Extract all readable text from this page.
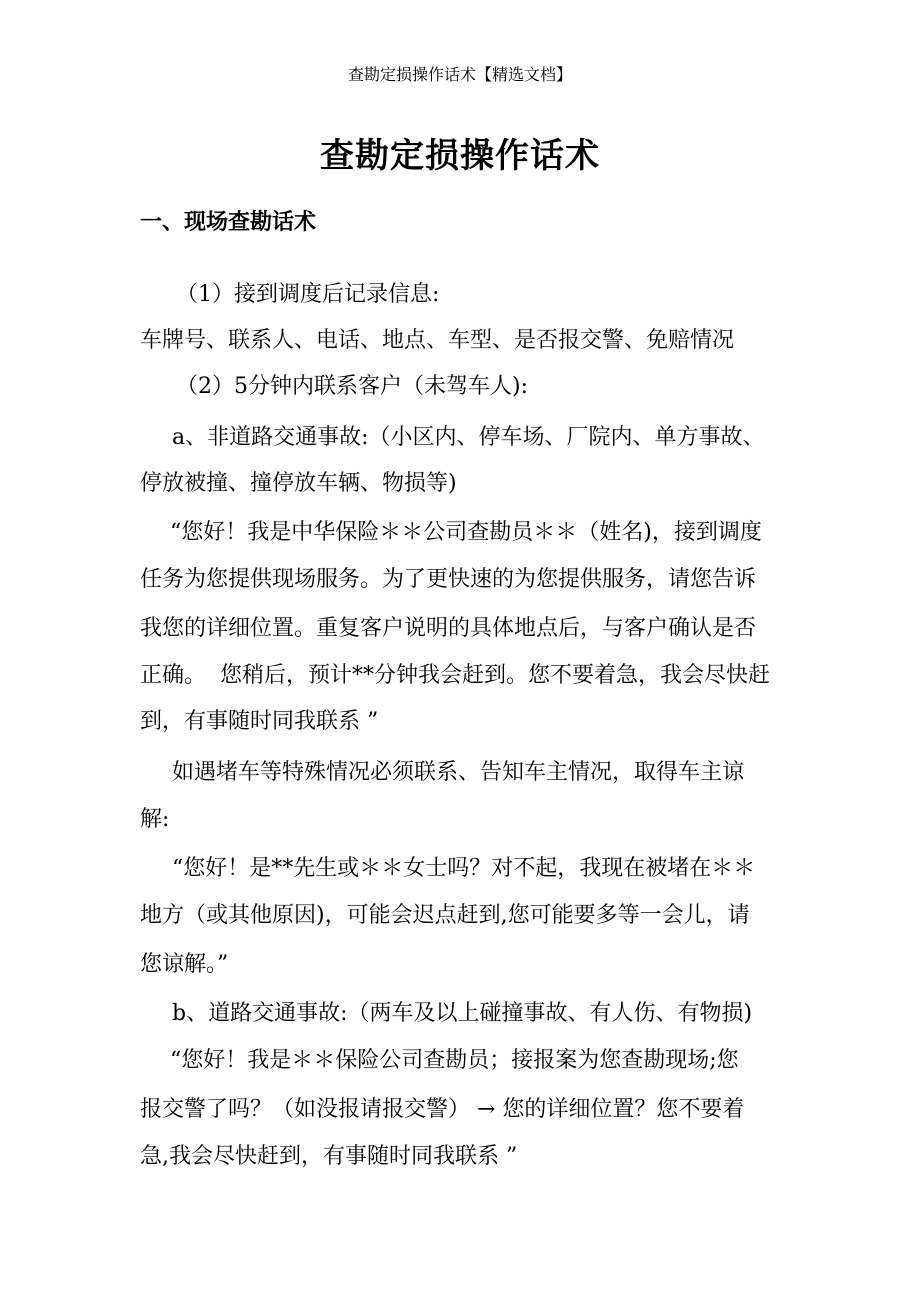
查勘定损操作话术【精选文档】
查勘定损操作话术
一、现场查勘话术
（1）接到调度后记录信息:
车牌号、联系人、电话、地点、车型、是否报交警、免赔情况
（2）5分钟内联系客户（未驾车人):
a、非道路交通事故:（小区内、停车场、厂院内、单方事故、
停放被撞、撞停放车辆、物损等)
“您好！我是中华保险＊＊公司查勘员＊＊（姓名)，接到调度
任务为您提供现场服务。为了更快速的为您提供服务，请您告诉
我您的详细位置。重复客户说明的具体地点后，与客户确认是否
正确。  您稍后，预计**分钟我会赶到。您不要着急，我会尽快赶
到，有事随时同我联系 ”
如遇堵车等特殊情况必须联系、告知车主情况，取得车主谅
解:
“您好！是**先生或＊＊女士吗？对不起，我现在被堵在＊＊
地方（或其他原因)，可能会迟点赶到,您可能要多等一会儿，请
您谅解。”
b、道路交通事故:（两车及以上碰撞事故、有人伤、有物损)
“您好！我是＊＊保险公司查勘员；接报案为您查勘现场;您
报交警了吗？（如没报请报交警） → 您的详细位置？您不要着
急,我会尽快赶到，有事随时同我联系 ”
